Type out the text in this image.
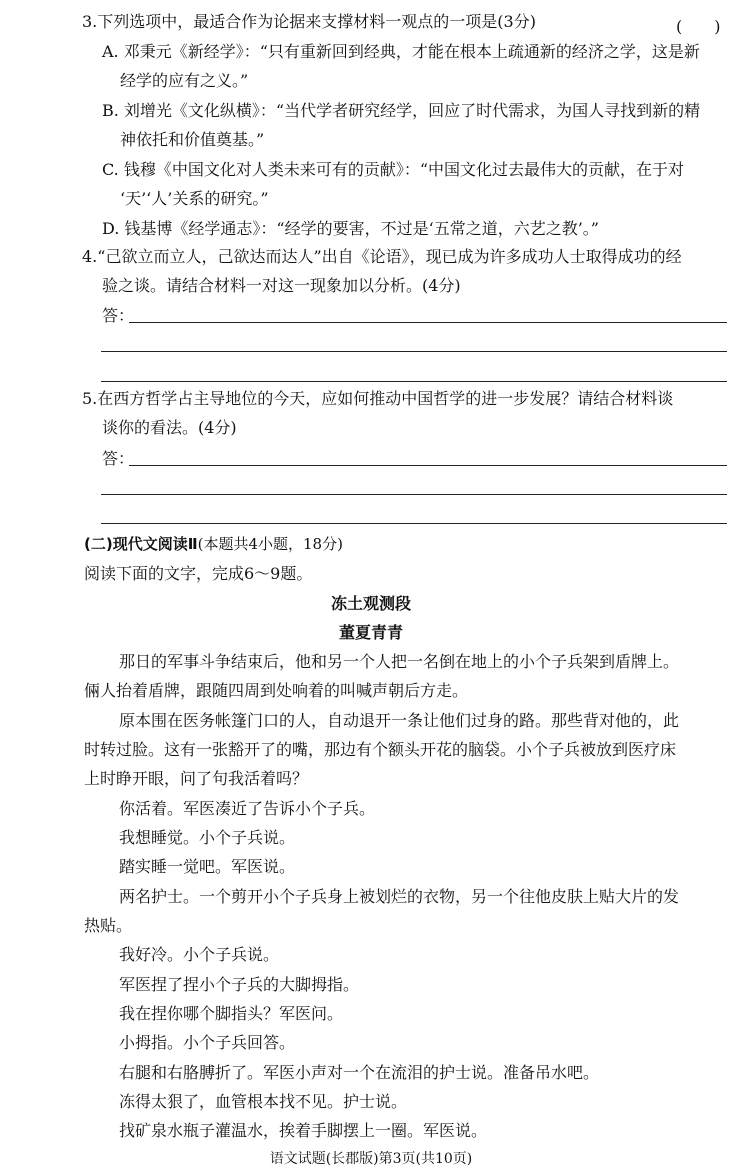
3.下列选项中，最适合作为论据来支撑材料一观点的一项是(3分)	(　　)
A. 邓秉元《新经学》：“只有重新回到经典，才能在根本上疏通新的经济之学，这是新
经学的应有之义。”
B. 刘增光《文化纵横》：“当代学者研究经学，回应了时代需求，为国人寻找到新的精
神依托和价值奠基。”
C. 钱穆《中国文化对人类未来可有的贡献》：“中国文化过去最伟大的贡献，在于对
‘天’‘人’关系的研究。”
D. 钱基博《经学通志》：“经学的要害，不过是‘五常之道，六艺之教’。”
4.“己欲立而立人，己欲达而达人”出自《论语》，现已成为许多成功人士取得成功的经
验之谈。请结合材料一对这一现象加以分析。(4分)
答：
5.在西方哲学占主导地位的今天，应如何推动中国哲学的进一步发展？请结合材料谈
谈你的看法。(4分)
答：
(二)现代文阅读Ⅱ(本题共4小题，18分)
阅读下面的文字，完成6～9题。
冻土观测段
董夏青青
那日的军事斗争结束后，他和另一个人把一名倒在地上的小个子兵架到盾牌上。
倆人抬着盾牌，跟随四周到处响着的叫喊声朝后方走。
原本围在医务帐篷门口的人，自动退开一条让他们过身的路。那些背对他的，此
时转过脸。这有一张豁开了的嘴，那边有个额头开花的脑袋。小个子兵被放到医疗床
上时睁开眼，问了句我活着吗？
你活着。军医凑近了告诉小个子兵。
我想睡觉。小个子兵说。
踏实睡一觉吧。军医说。
两名护士。一个剪开小个子兵身上被划烂的衣物，另一个往他皮肤上贴大片的发
热贴。
我好冷。小个子兵说。
军医捏了捏小个子兵的大脚拇指。
我在捏你哪个脚指头？军医问。
小拇指。小个子兵回答。
右腿和右胳膊折了。军医小声对一个在流泪的护士说。准备吊水吧。
冻得太狠了，血管根本找不见。护士说。
找矿泉水瓶子灌温水，挨着手脚摆上一圈。军医说。
语文试题(长郡版)第3页(共10页)
